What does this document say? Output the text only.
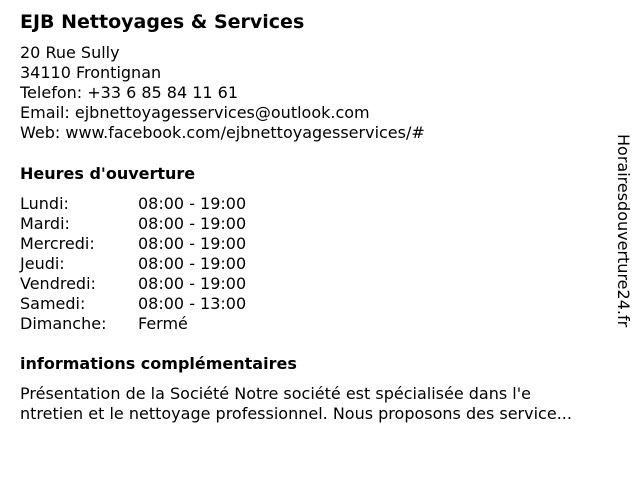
EJB Nettoyages & Services
20 Rue Sully
34110 Frontignan
Telefon: +33 6 85 84 11 61
Email: ejbnettoyagesservices@outlook.com
Web: www.facebook.com/ejbnettoyagesservices/#
Heures d'ouverture
Lundi:	08:00 - 19:00
Mardi:	08:00 - 19:00
Mercredi:	08:00 - 19:00
Jeudi:	08:00 - 19:00
Vendredi:	08:00 - 19:00
Samedi:	08:00 - 13:00
Dimanche: Fermé
informations complémentaires
Présentation de la Société Notre société est spécialisée dans l'e
ntretien et le nettoyage professionnel. Nous proposons des service...
Horairesdouverture24.fr
